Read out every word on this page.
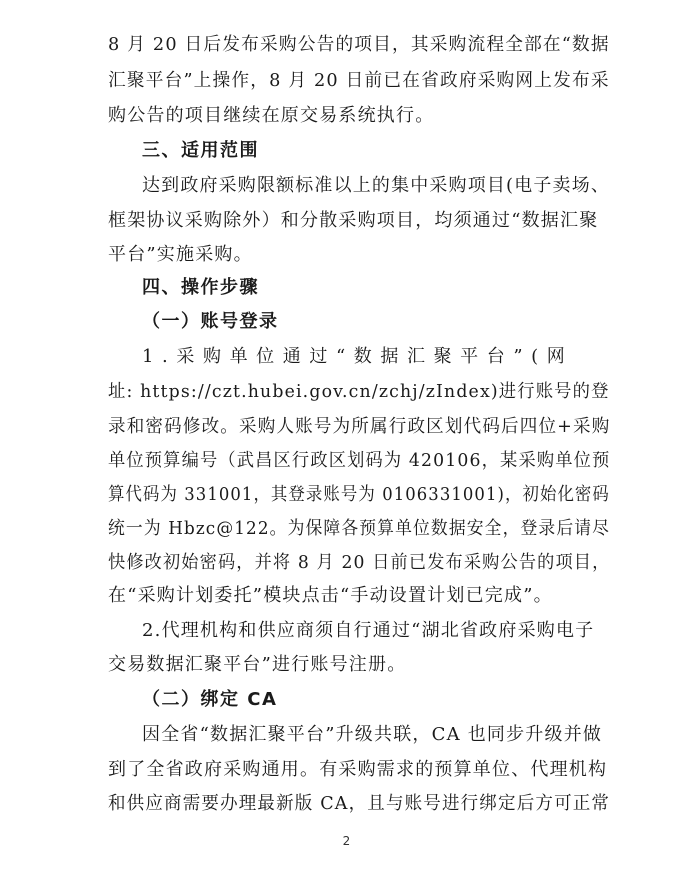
8 月 20 日后发布采购公告的项目，其采购流程全部在“数据
汇聚平台”上操作，8 月 20 日前已在省政府采购网上发布采
购公告的项目继续在原交易系统执行。
三、适用范围
达到政府采购限额标准以上的集中采购项目(电子卖场、
框架协议采购除外）和分散采购项目，均须通过“数据汇聚
平台”实施采购。
四、操作步骤
（一）账号登录
1.采购单位通过“数据汇聚平台”(网
址: https://czt.hubei.gov.cn/zchj/zIndex)进行账号的登
录和密码修改。采购人账号为所属行政区划代码后四位+采购
单位预算编号（武昌区行政区划码为 420106，某采购单位预
算代码为 331001，其登录账号为 0106331001)，初始化密码
统一为 Hbzc@122。为保障各预算单位数据安全，登录后请尽
快修改初始密码，并将 8 月 20 日前已发布采购公告的项目，
在“采购计划委托”模块点击“手动设置计划已完成”。
2.代理机构和供应商须自行通过“湖北省政府采购电子
交易数据汇聚平台”进行账号注册。
（二）绑定 CA
因全省“数据汇聚平台”升级共联，CA 也同步升级并做
到了全省政府采购通用。有采购需求的预算单位、代理机构
和供应商需要办理最新版 CA，且与账号进行绑定后方可正常
2
